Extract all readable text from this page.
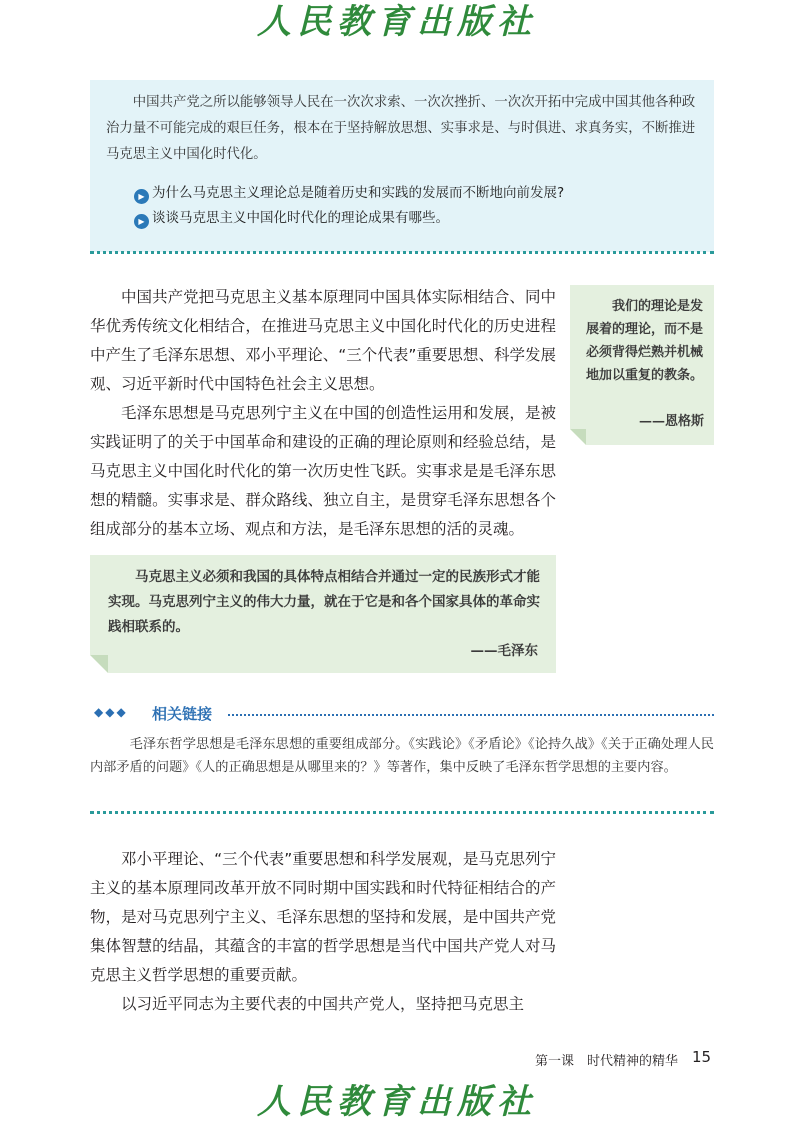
人民教育出版社

中国共产党之所以能够领导人民在一次次求索、一次次挫折、一次次开拓中完成中国其他各种政治力量不可能完成的艰巨任务，根本在于坚持解放思想、实事求是、与时俱进、求真务实，不断推进马克思主义中国化时代化。

▶ 为什么马克思主义理论总是随着历史和实践的发展而不断地向前发展?
▶ 谈谈马克思主义中国化时代化的理论成果有哪些。

中国共产党把马克思主义基本原理同中国具体实际相结合、同中华优秀传统文化相结合，在推进马克思主义中国化时代化的历史进程中产生了毛泽东思想、邓小平理论、“三个代表”重要思想、科学发展观、习近平新时代中国特色社会主义思想。

毛泽东思想是马克思列宁主义在中国的创造性运用和发展，是被实践证明了的关于中国革命和建设的正确的理论原则和经验总结，是马克思主义中国化时代化的第一次历史性飞跃。实事求是是毛泽东思想的精髓。实事求是、群众路线、独立自主，是贯穿毛泽东思想各个组成部分的基本立场、观点和方法，是毛泽东思想的活的灵魂。

我们的理论是发展着的理论，而不是必须背得烂熟并机械地加以重复的教条。

——恩格斯

马克思主义必须和我国的具体特点相结合并通过一定的民族形式才能实现。马克思列宁主义的伟大力量，就在于它是和各个国家具体的革命实践相联系的。

——毛泽东
◆◆◆ 相关链接

毛泽东哲学思想是毛泽东思想的重要组成部分。《实践论》《矛盾论》《论持久战》《关于正确处理人民内部矛盾的问题》《人的正确思想是从哪里来的？》等著作，集中反映了毛泽东哲学思想的主要内容。

邓小平理论、“三个代表”重要思想和科学发展观，是马克思列宁主义的基本原理同改革开放不同时期中国实践和时代特征相结合的产物，是对马克思列宁主义、毛泽东思想的坚持和发展，是中国共产党集体智慧的结晶，其蕴含的丰富的哲学思想是当代中国共产党人对马克思主义哲学思想的重要贡献。

以习近平同志为主要代表的中国共产党人，坚持把马克思主

第一课　时代精神的精华 15
人民教育出版社
